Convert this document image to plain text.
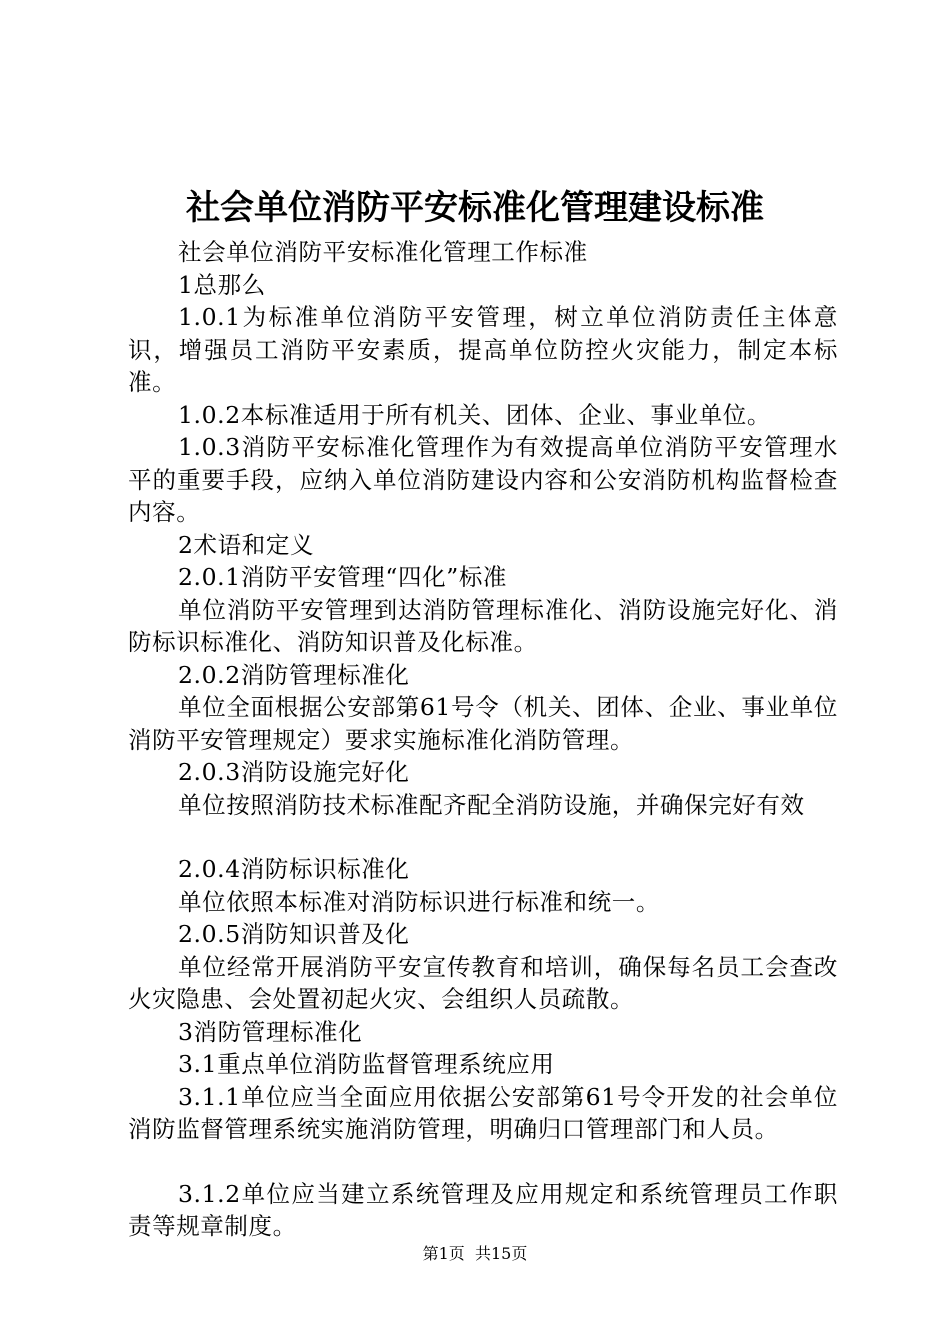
社会单位消防平安标准化管理建设标准

社会单位消防平安标准化管理工作标准

1总那么

1.0.1为标准单位消防平安管理，树立单位消防责任主体意识，增强员工消防平安素质，提高单位防控火灾能力，制定本标准。

1.0.2本标准适用于所有机关、团体、企业、事业单位。

1.0.3消防平安标准化管理作为有效提高单位消防平安管理水平的重要手段，应纳入单位消防建设内容和公安消防机构监督检查内容。

2术语和定义

2.0.1消防平安管理“四化”标准

单位消防平安管理到达消防管理标准化、消防设施完好化、消防标识标准化、消防知识普及化标准。

2.0.2消防管理标准化

单位全面根据公安部第61号令（机关、团体、企业、事业单位消防平安管理规定）要求实施标准化消防管理。

2.0.3消防设施完好化

单位按照消防技术标准配齐配全消防设施，并确保完好有效

2.0.4消防标识标准化

单位依照本标准对消防标识进行标准和统一。

2.0.5消防知识普及化

单位经常开展消防平安宣传教育和培训，确保每名员工会查改火灾隐患、会处置初起火灾、会组织人员疏散。

3消防管理标准化

3.1重点单位消防监督管理系统应用

3.1.1单位应当全面应用依据公安部第61号令开发的社会单位消防监督管理系统实施消防管理，明确归口管理部门和人员。

3.1.2单位应当建立系统管理及应用规定和系统管理员工作职责等规章制度。

第1页 共15页
